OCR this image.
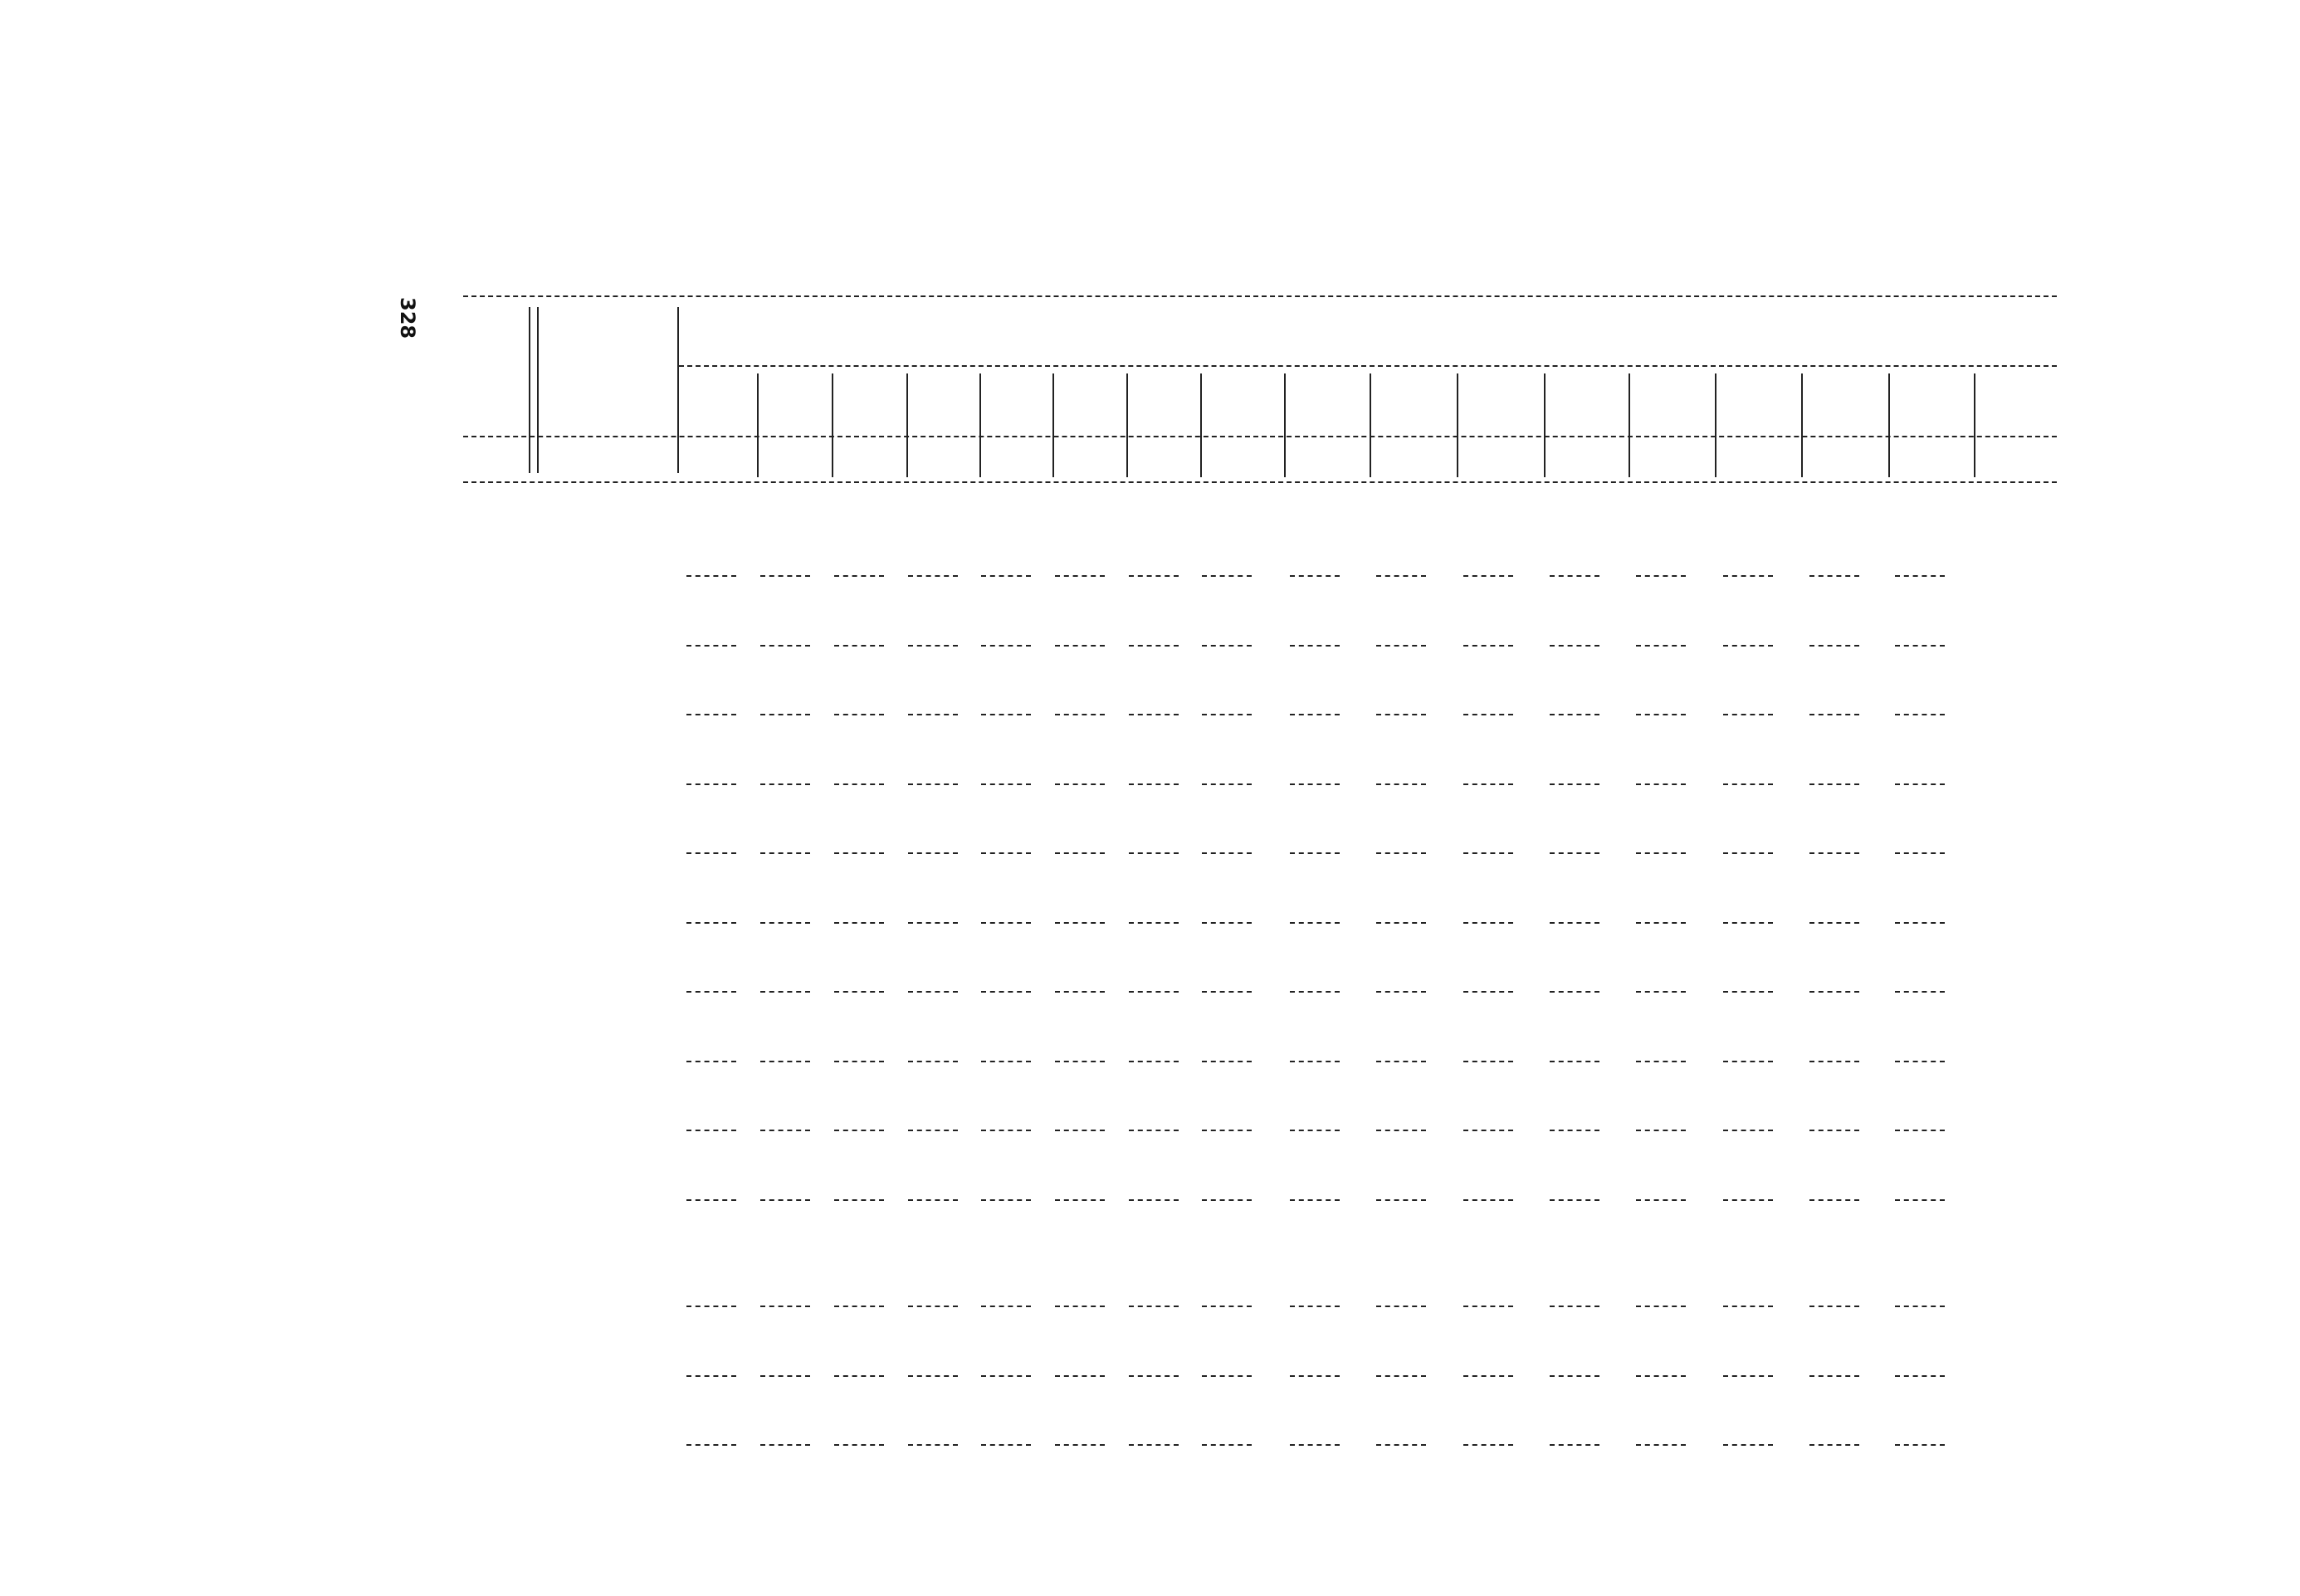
328
